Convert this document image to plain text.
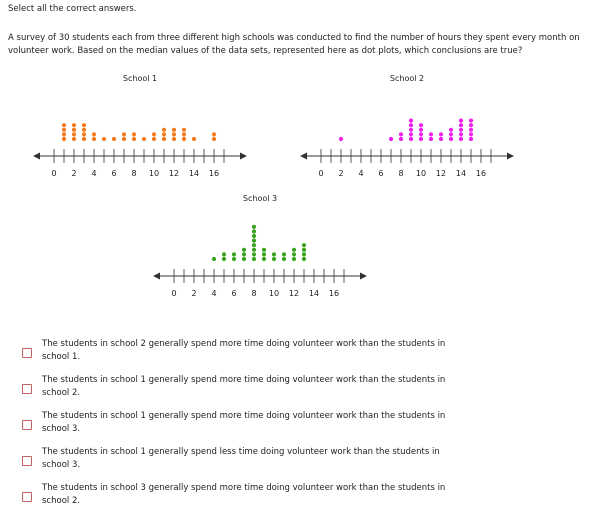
Select all the correct answers.
A survey of 30 students each from three different high schools was conducted to find the number of hours they spent every month on volunteer work. Based on the median values of the data sets, represented here as dot plots, which conclusions are true?
School 1
0 2 4 6 8 10 12 14 16
School 2
0 2 4 6 8 10 12 14 16
School 3
0 2 4 6 8 10 12 14 16
The students in school 2 generally spend more time doing volunteer work than the students in school 1.
The students in school 1 generally spend more time doing volunteer work than the students in school 2.
The students in school 1 generally spend more time doing volunteer work than the students in school 3.
The students in school 1 generally spend less time doing volunteer work than the students in school 3.
The students in school 3 generally spend more time doing volunteer work than the students in school 2.
